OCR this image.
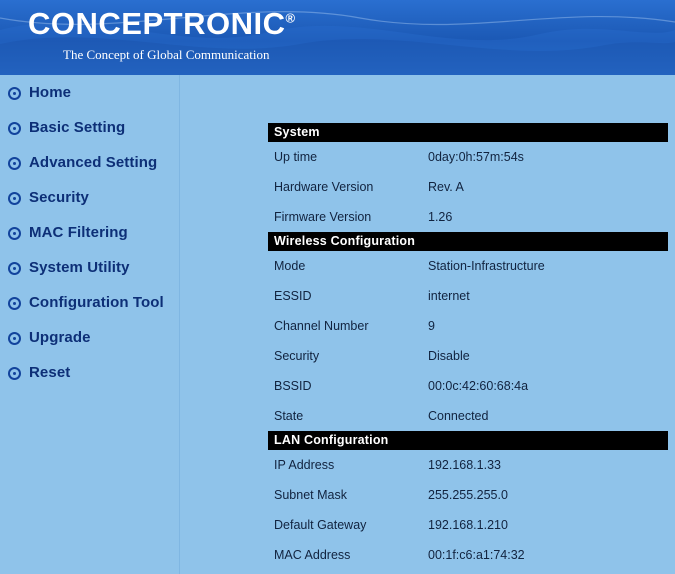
CONCEPTRONIC®
The Concept of Global Communication
Home
Basic Setting
Advanced Setting
Security
MAC Filtering
System Utility
Configuration Tool
Upgrade
Reset
System
Up time	0day:0h:57m:54s
Hardware Version	Rev. A
Firmware Version	1.26
Wireless Configuration
Mode	Station-Infrastructure
ESSID	internet
Channel Number	9
Security	Disable
BSSID	00:0c:42:60:68:4a
State	Connected
LAN Configuration
IP Address	192.168.1.33
Subnet Mask	255.255.255.0
Default Gateway	192.168.1.210
MAC Address	00:1f:c6:a1:74:32
